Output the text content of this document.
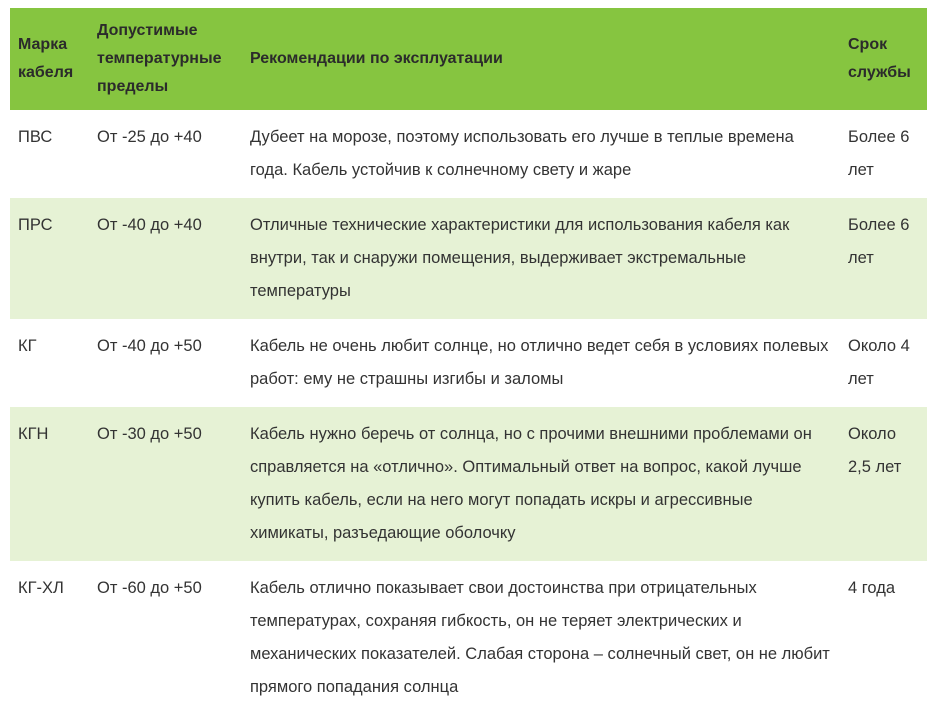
Марка кабеля	Допустимые температурные пределы	Рекомендации по эксплуатации	Срок службы
ПВС	От -25 до +40	Дубеет на морозе, поэтому использовать его лучше в теплые времена года. Кабель устойчив к солнечному свету и жаре	Более 6 лет
ПРС	От -40 до +40	Отличные технические характеристики для использования кабеля как внутри, так и снаружи помещения, выдерживает экстремальные температуры	Более 6 лет
КГ	От -40 до +50	Кабель не очень любит солнце, но отлично ведет себя в условиях полевых работ: ему не страшны изгибы и заломы	Около 4 лет
КГН	От -30 до +50	Кабель нужно беречь от солнца, но с прочими внешними проблемами он справляется на «отлично». Оптимальный ответ на вопрос, какой лучше купить кабель, если на него могут попадать искры и агрессивные химикаты, разъедающие оболочку	Около 2,5 лет
КГ-ХЛ	От -60 до +50	Кабель отлично показывает свои достоинства при отрицательных температурах, сохраняя гибкость, он не теряет электрических и механических показателей. Слабая сторона – солнечный свет, он не любит прямого попадания солнца	4 года
